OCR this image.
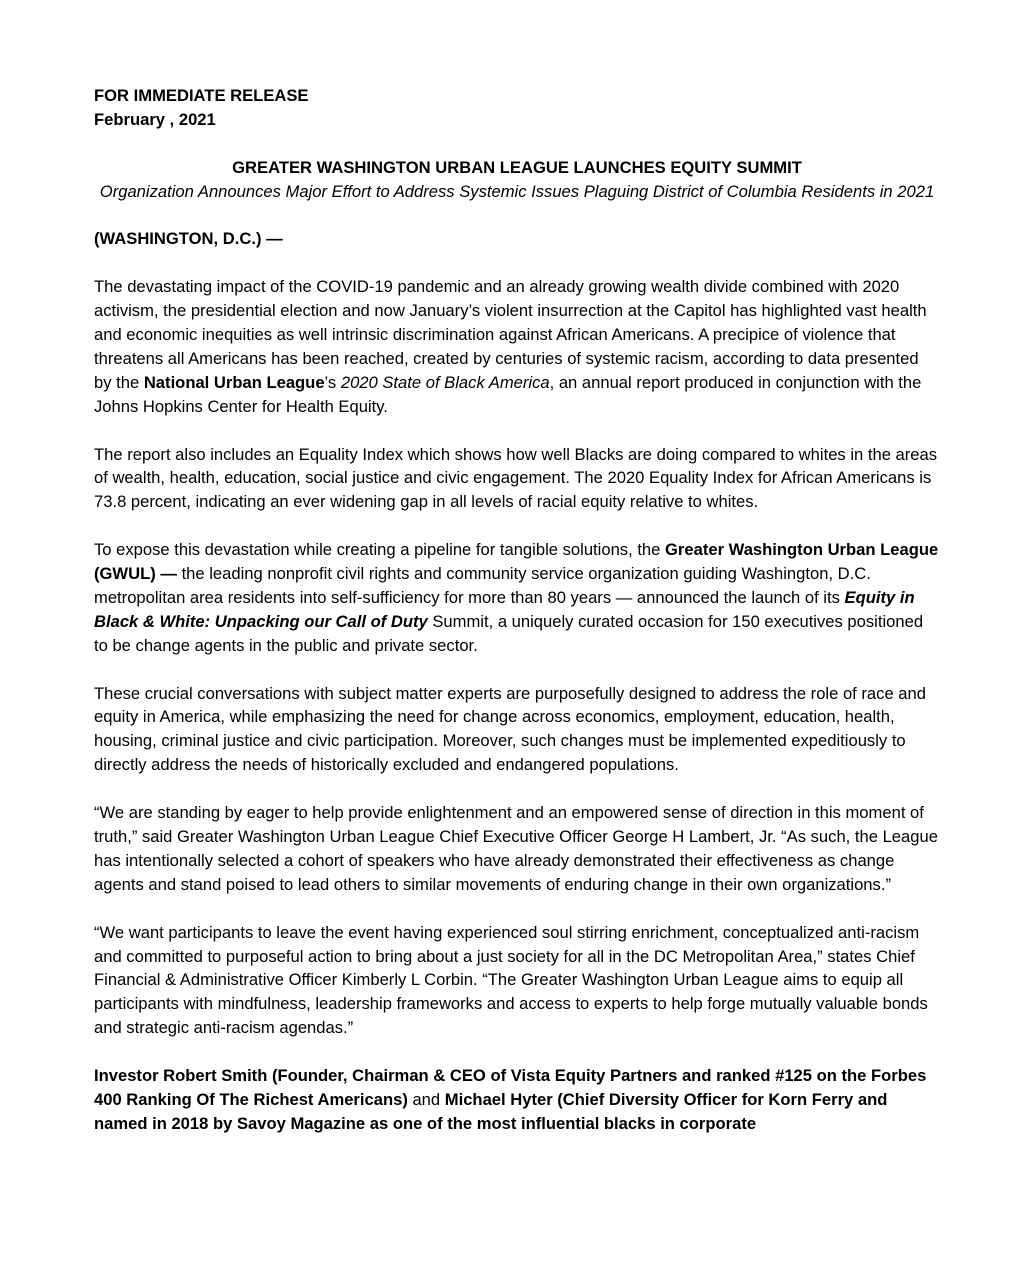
FOR IMMEDIATE RELEASE

February , 2021

GREATER WASHINGTON URBAN LEAGUE LAUNCHES EQUITY SUMMIT

Organization Announces Major Effort to Address Systemic Issues Plaguing District of Columbia Residents in 2021

(WASHINGTON, D.C.) —

The devastating impact of the COVID-19 pandemic and an already growing wealth divide combined with 2020 activism, the presidential election and now January’s violent insurrection at the Capitol has highlighted vast health and economic inequities as well intrinsic discrimination against African Americans. A precipice of violence that threatens all Americans has been reached, created by centuries of systemic racism, according to data presented by the National Urban League’s 2020 State of Black America, an annual report produced in conjunction with the Johns Hopkins Center for Health Equity.

The report also includes an Equality Index which shows how well Blacks are doing compared to whites in the areas of wealth, health, education, social justice and civic engagement. The 2020 Equality Index for African Americans is 73.8 percent, indicating an ever widening gap in all levels of racial equity relative to whites.

To expose this devastation while creating a pipeline for tangible solutions, the Greater Washington Urban League (GWUL) — the leading nonprofit civil rights and community service organization guiding Washington, D.C. metropolitan area residents into self-sufficiency for more than 80 years — announced the launch of its Equity in Black & White: Unpacking our Call of Duty Summit, a uniquely curated occasion for 150 executives positioned to be change agents in the public and private sector.

These crucial conversations with subject matter experts are purposefully designed to address the role of race and equity in America, while emphasizing the need for change across economics, employment, education, health, housing, criminal justice and civic participation. Moreover, such changes must be implemented expeditiously to directly address the needs of historically excluded and endangered populations.

“We are standing by eager to help provide enlightenment and an empowered sense of direction in this moment of truth,” said Greater Washington Urban League Chief Executive Officer George H Lambert, Jr. “As such, the League has intentionally selected a cohort of speakers who have already demonstrated their effectiveness as change agents and stand poised to lead others to similar movements of enduring change in their own organizations.”

“We want participants to leave the event having experienced soul stirring enrichment, conceptualized anti-racism and committed to purposeful action to bring about a just society for all in the DC Metropolitan Area,” states Chief Financial & Administrative Officer Kimberly L Corbin. “The Greater Washington Urban League aims to equip all participants with mindfulness, leadership frameworks and access to experts to help forge mutually valuable bonds and strategic anti-racism agendas.”

Investor Robert Smith (Founder, Chairman & CEO of Vista Equity Partners and ranked #125 on the Forbes 400 Ranking Of The Richest Americans) and Michael Hyter (Chief Diversity Officer for Korn Ferry and named in 2018 by Savoy Magazine as one of the most influential blacks in corporate
